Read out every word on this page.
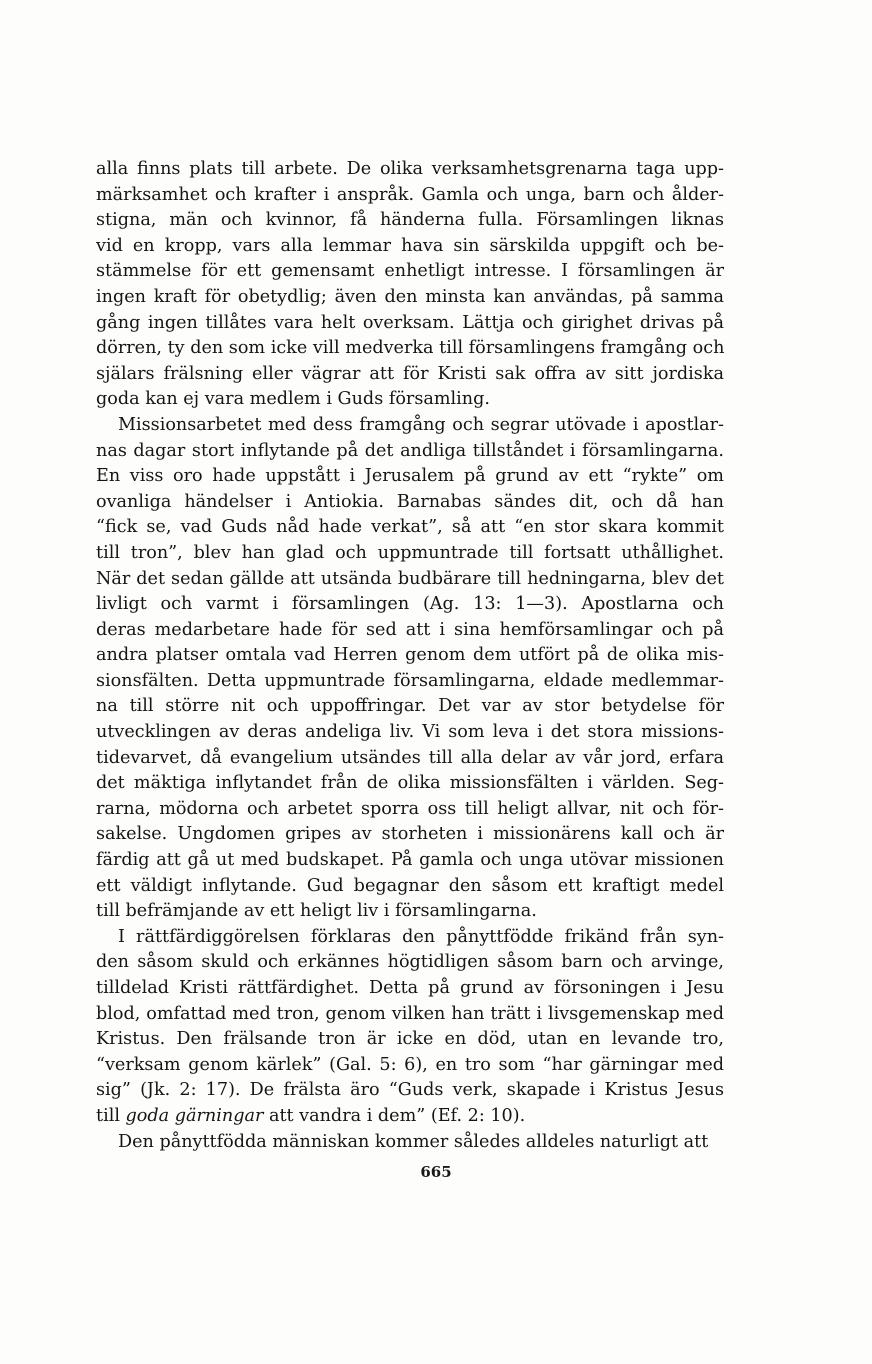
alla finns plats till arbete. De olika verksamhetsgrenarna taga upp-
märksamhet och krafter i anspråk. Gamla och unga, barn och ålder-
stigna, män och kvinnor, få händerna fulla. Församlingen liknas
vid en kropp, vars alla lemmar hava sin särskilda uppgift och be-
stämmelse för ett gemensamt enhetligt intresse. I församlingen är
ingen kraft för obetydlig; även den minsta kan användas, på samma
gång ingen tillåtes vara helt overksam. Lättja och girighet drivas på
dörren, ty den som icke vill medverka till församlingens framgång och
själars frälsning eller vägrar att för Kristi sak offra av sitt jordiska
goda kan ej vara medlem i Guds församling.
Missionsarbetet med dess framgång och segrar utövade i apostlar-
nas dagar stort inflytande på det andliga tillståndet i församlingarna.
En viss oro hade uppstått i Jerusalem på grund av ett “rykte” om
ovanliga händelser i Antiokia. Barnabas sändes dit, och då han
“fick se, vad Guds nåd hade verkat”, så att “en stor skara kommit
till tron”, blev han glad och uppmuntrade till fortsatt uthållighet.
När det sedan gällde att utsända budbärare till hedningarna, blev det
livligt och varmt i församlingen (Ag. 13: 1—3). Apostlarna och
deras medarbetare hade för sed att i sina hemförsamlingar och på
andra platser omtala vad Herren genom dem utfört på de olika mis-
sionsfälten. Detta uppmuntrade församlingarna, eldade medlemmar-
na till större nit och uppoffringar. Det var av stor betydelse för
utvecklingen av deras andeliga liv. Vi som leva i det stora missions-
tidevarvet, då evangelium utsändes till alla delar av vår jord, erfara
det mäktiga inflytandet från de olika missionsfälten i världen. Seg-
rarna, mödorna och arbetet sporra oss till heligt allvar, nit och för-
sakelse. Ungdomen gripes av storheten i missionärens kall och är
färdig att gå ut med budskapet. På gamla och unga utövar missionen
ett väldigt inflytande. Gud begagnar den såsom ett kraftigt medel
till befrämjande av ett heligt liv i församlingarna.
I rättfärdiggörelsen förklaras den pånyttfödde frikänd från syn-
den såsom skuld och erkännes högtidligen såsom barn och arvinge,
tilldelad Kristi rättfärdighet. Detta på grund av försoningen i Jesu
blod, omfattad med tron, genom vilken han trätt i livsgemenskap med
Kristus. Den frälsande tron är icke en död, utan en levande tro,
“verksam genom kärlek” (Gal. 5: 6), en tro som “har gärningar med
sig” (Jk. 2: 17). De frälsta äro “Guds verk, skapade i Kristus Jesus
till goda gärningar att vandra i dem” (Ef. 2: 10).
Den pånyttfödda människan kommer således alldeles naturligt att
665
